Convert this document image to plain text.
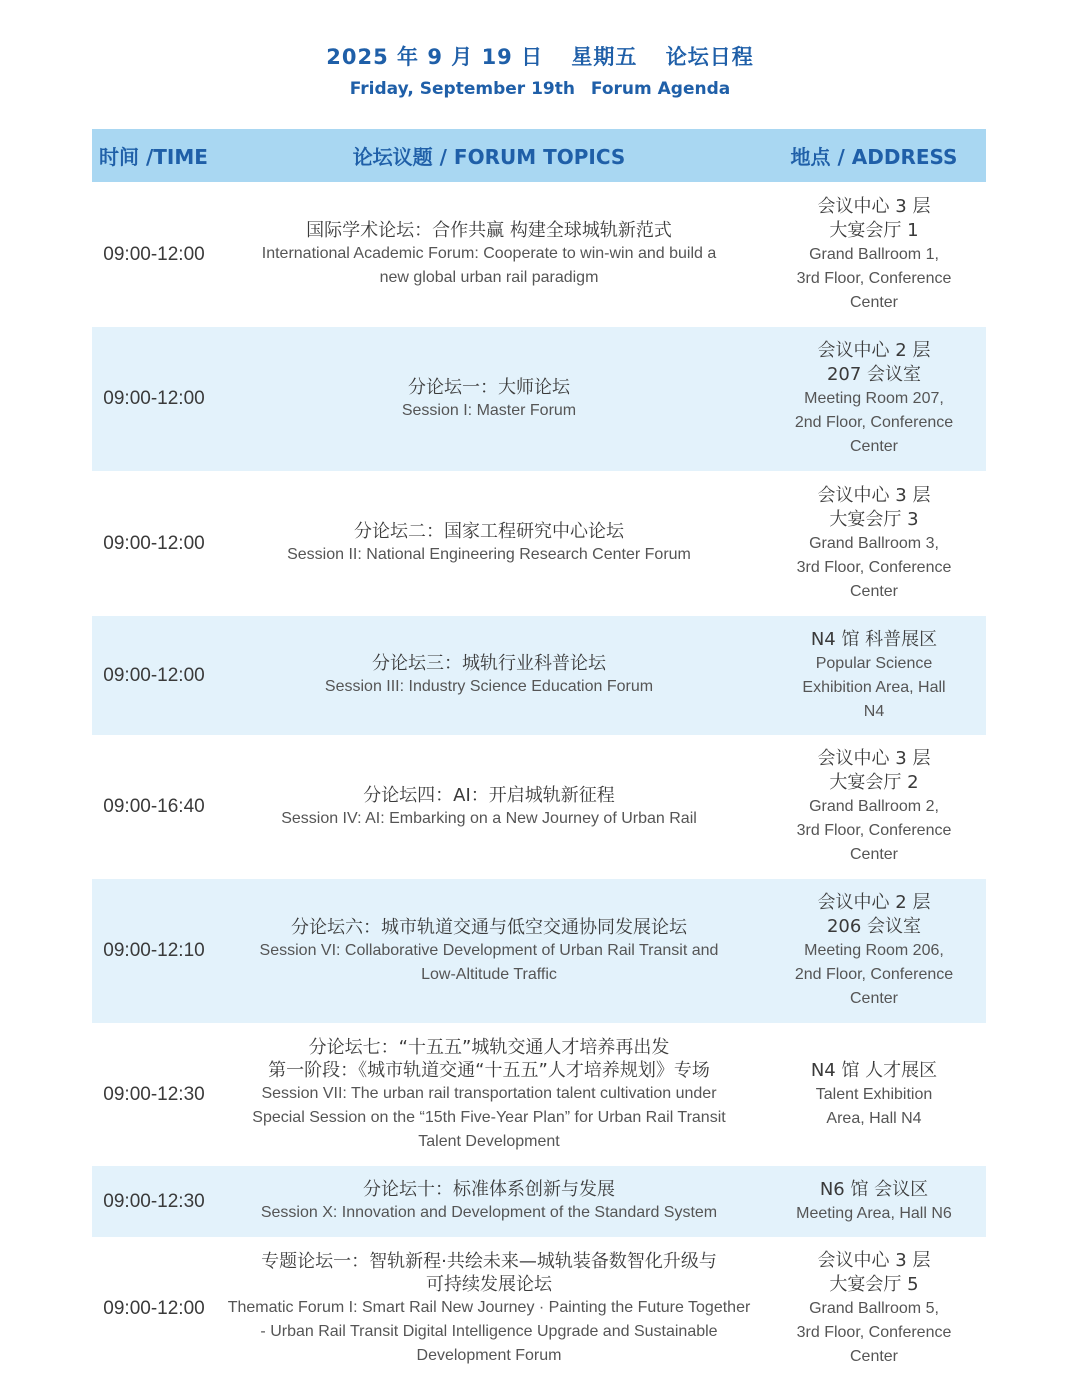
2025 年 9 月 19 日 星期五 论坛日程
Friday, September 19th Forum Agenda
时间 /TIME	论坛议题 / FORUM TOPICS	地点 / ADDRESS
09:00-12:00
国际学术论坛：合作共赢 构建全球城轨新范式
International Academic Forum: Cooperate to win-win and build a
new global urban rail paradigm
会议中心 3 层
大宴会厅 1
Grand Ballroom 1,
3rd Floor, Conference
Center
09:00-12:00
分论坛一：大师论坛
Session I: Master Forum
会议中心 2 层
207 会议室
Meeting Room 207,
2nd Floor, Conference
Center
09:00-12:00
分论坛二：国家工程研究中心论坛
Session II: National Engineering Research Center Forum
会议中心 3 层
大宴会厅 3
Grand Ballroom 3,
3rd Floor, Conference
Center
09:00-12:00
分论坛三：城轨行业科普论坛
Session III: Industry Science Education Forum
N4 馆 科普展区
Popular Science
Exhibition Area, Hall
N4
09:00-16:40
分论坛四：AI：开启城轨新征程
Session IV: AI: Embarking on a New Journey of Urban Rail
会议中心 3 层
大宴会厅 2
Grand Ballroom 2,
3rd Floor, Conference
Center
09:00-12:10
分论坛六：城市轨道交通与低空交通协同发展论坛
Session VI: Collaborative Development of Urban Rail Transit and
Low-Altitude Traffic
会议中心 2 层
206 会议室
Meeting Room 206,
2nd Floor, Conference
Center
09:00-12:30
分论坛七：“十五五”城轨交通人才培养再出发
第一阶段：《城市轨道交通“十五五”人才培养规划》专场
Session VII: The urban rail transportation talent cultivation under
Special Session on the “15th Five-Year Plan” for Urban Rail Transit
Talent Development
N4 馆 人才展区
Talent Exhibition
Area, Hall N4
09:00-12:30
分论坛十：标准体系创新与发展
Session X: Innovation and Development of the Standard System
N6 馆 会议区
Meeting Area, Hall N6
09:00-12:00
专题论坛一：智轨新程·共绘未来—城轨装备数智化升级与
可持续发展论坛
Thematic Forum I: Smart Rail New Journey · Painting the Future Together
- Urban Rail Transit Digital Intelligence Upgrade and Sustainable
Development Forum
会议中心 3 层
大宴会厅 5
Grand Ballroom 5,
3rd Floor, Conference
Center
